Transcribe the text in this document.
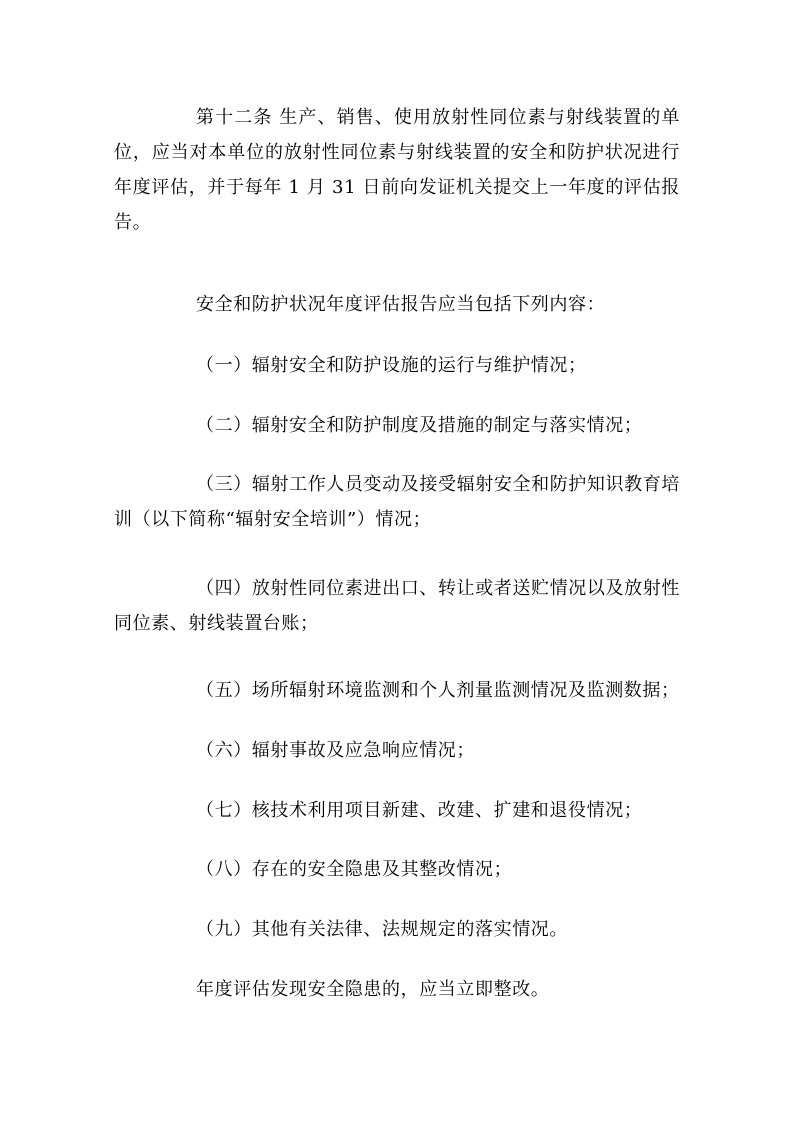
第十二条 生产、销售、使用放射性同位素与射线装置的单位，应当对本单位的放射性同位素与射线装置的安全和防护状况进行年度评估，并于每年 1 月 31 日前向发证机关提交上一年度的评估报告。

安全和防护状况年度评估报告应当包括下列内容：

（一）辐射安全和防护设施的运行与维护情况；

（二）辐射安全和防护制度及措施的制定与落实情况；

（三）辐射工作人员变动及接受辐射安全和防护知识教育培训（以下简称“辐射安全培训”）情况；

（四）放射性同位素进出口、转让或者送贮情况以及放射性同位素、射线装置台账；

（五）场所辐射环境监测和个人剂量监测情况及监测数据；

（六）辐射事故及应急响应情况；

（七）核技术利用项目新建、改建、扩建和退役情况；

（八）存在的安全隐患及其整改情况；

（九）其他有关法律、法规规定的落实情况。

年度评估发现安全隐患的，应当立即整改。
